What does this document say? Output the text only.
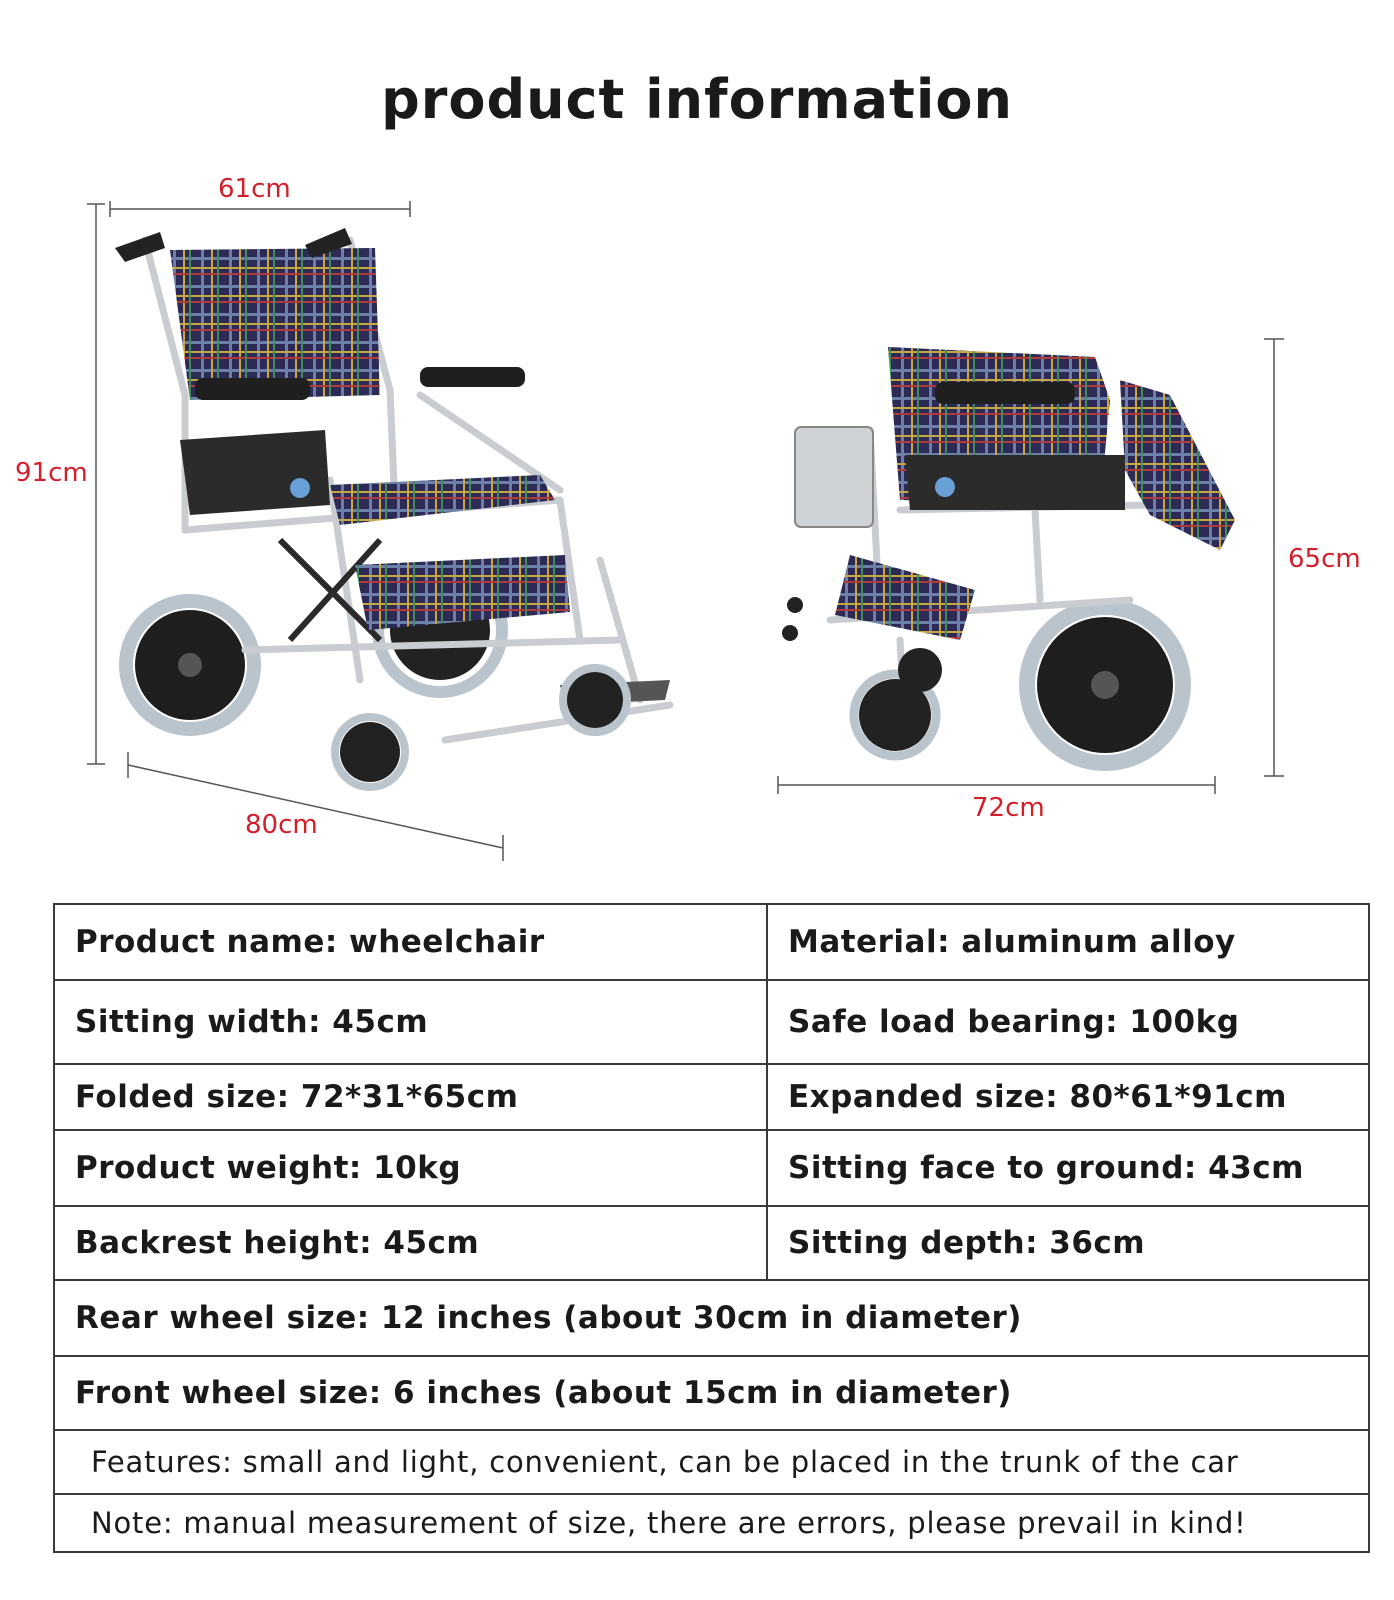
product information
61cm
91cm
80cm
65cm
72cm
Product name: wheelchair	Material: aluminum alloy
Sitting width: 45cm	Safe load bearing: 100kg
Folded size: 72*31*65cm	Expanded size: 80*61*91cm
Product weight: 10kg	Sitting face to ground: 43cm
Backrest height: 45cm	Sitting depth: 36cm
Rear wheel size: 12 inches (about 30cm in diameter)	
Front wheel size: 6 inches (about 15cm in diameter)	
Features: small and light, convenient, can be placed in the trunk of the car	
Note: manual measurement of size, there are errors, please prevail in kind!	
